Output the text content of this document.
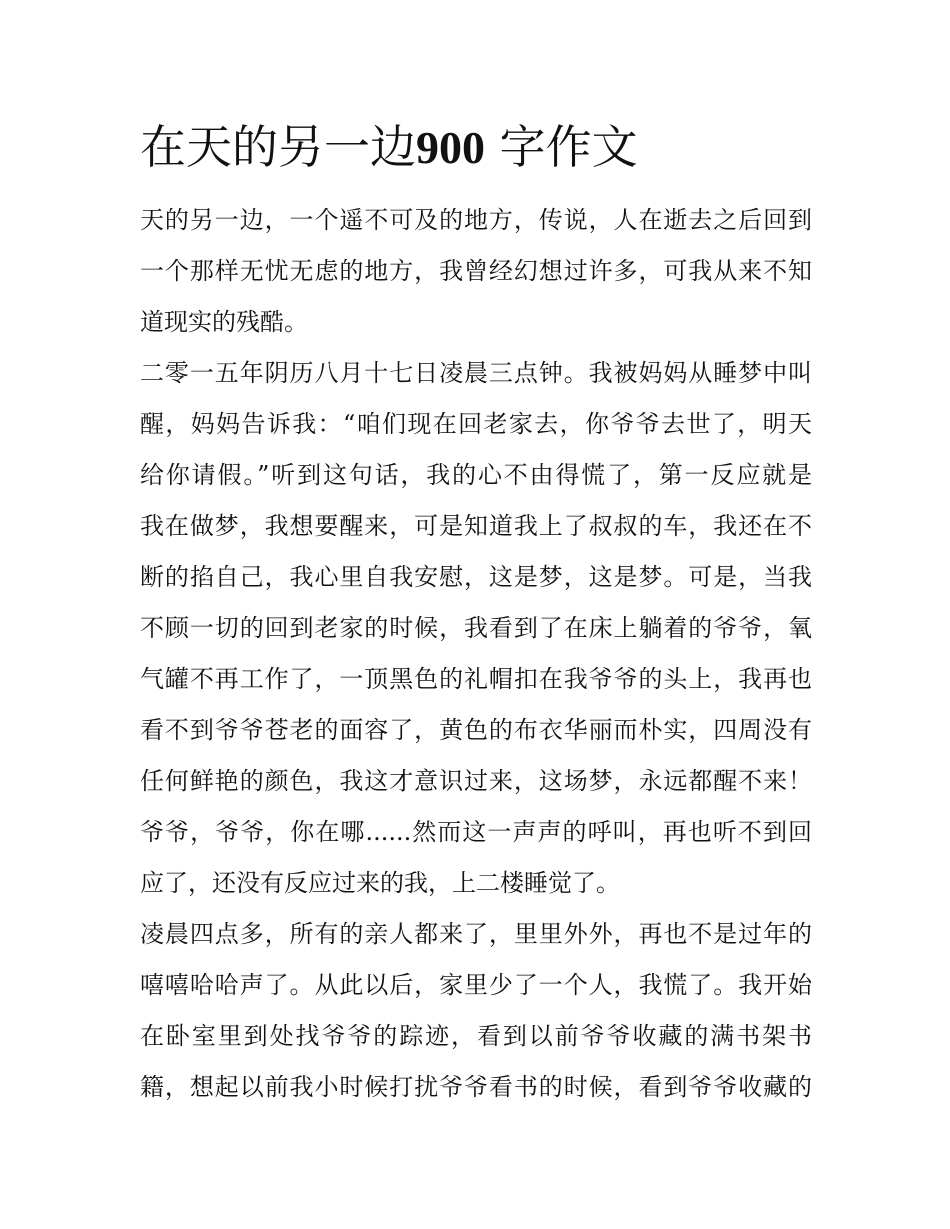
在天的另一边900 字作文
天的另一边，一个遥不可及的地方，传说，人在逝去之后回到
一个那样无忧无虑的地方，我曾经幻想过许多，可我从来不知
道现实的残酷。
二零一五年阴历八月十七日凌晨三点钟。我被妈妈从睡梦中叫
醒，妈妈告诉我：“咱们现在回老家去，你爷爷去世了，明天
给你请假。”听到这句话，我的心不由得慌了，第一反应就是
我在做梦，我想要醒来，可是知道我上了叔叔的车，我还在不
断的掐自己，我心里自我安慰，这是梦，这是梦。可是，当我
不顾一切的回到老家的时候，我看到了在床上躺着的爷爷，氧
气罐不再工作了，一顶黑色的礼帽扣在我爷爷的头上，我再也
看不到爷爷苍老的面容了，黄色的布衣华丽而朴实，四周没有
任何鲜艳的颜色，我这才意识过来，这场梦，永远都醒不来！
爷爷，爷爷，你在哪......然而这一声声的呼叫，再也听不到回
应了，还没有反应过来的我，上二楼睡觉了。
凌晨四点多，所有的亲人都来了，里里外外，再也不是过年的
嘻嘻哈哈声了。从此以后，家里少了一个人，我慌了。我开始
在卧室里到处找爷爷的踪迹，看到以前爷爷收藏的满书架书
籍，想起以前我小时候打扰爷爷看书的时候，看到爷爷收藏的
